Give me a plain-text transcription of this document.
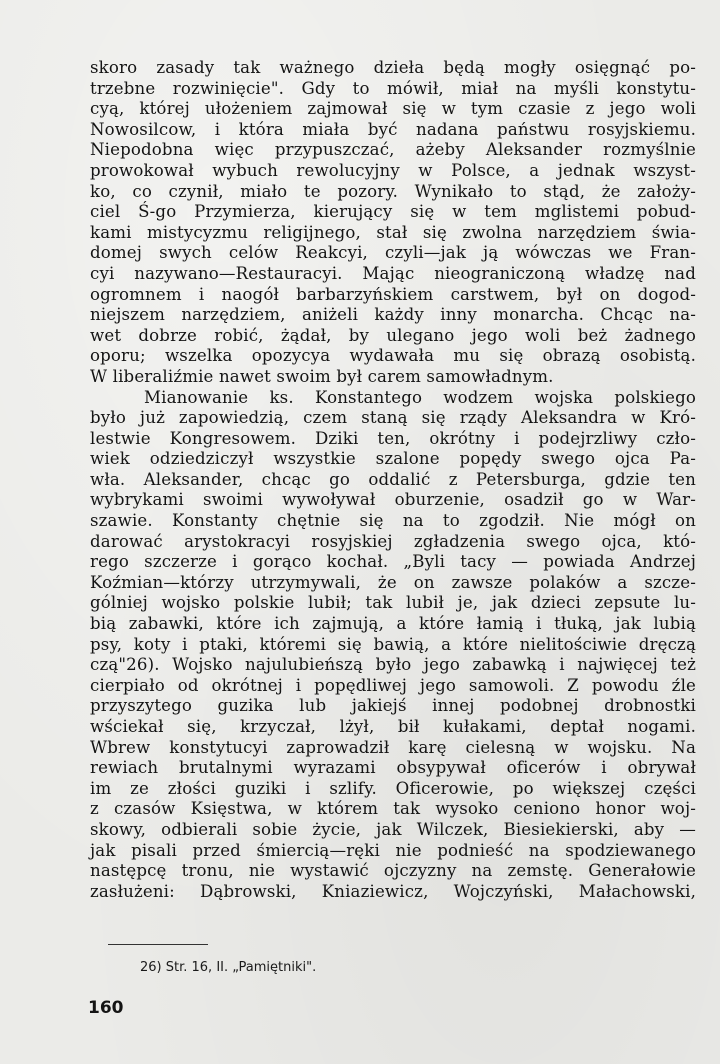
skoro zasady tak ważnego dzieła będą mogły osięgnąć po-
trzebne rozwinięcie". Gdy to mówił, miał na myśli konstytu-
cyą, której ułożeniem zajmował się w tym czasie z jego woli
Nowosilcow, i która miała być nadana państwu rosyjskiemu.
Niepodobna więc przypuszczać, ażeby Aleksander rozmyślnie
prowokował wybuch rewolucyjny w Polsce, a jednak wszyst-
ko, co czynił, miało te pozory. Wynikało to stąd, że założy-
ciel Ś-go Przymierza, kierujący się w tem mglistemi pobud-
kami mistycyzmu religijnego, stał się zwolna narzędziem świa-
domej swych celów Reakcyi, czyli—jak ją wówczas we Fran-
cyi nazywano—Restauracyi. Mając nieograniczoną władzę nad
ogromnem i naogół barbarzyńskiem carstwem, był on dogod-
niejszem narzędziem, aniżeli każdy inny monarcha. Chcąc na-
wet dobrze robić, żądał, by ulegano jego woli beż żadnego
oporu; wszelka opozycya wydawała mu się obrazą osobistą.
W liberaliźmie nawet swoim był carem samowładnym.
Mianowanie ks. Konstantego wodzem wojska polskiego
było już zapowiedzią, czem staną się rządy Aleksandra w Kró-
lestwie Kongresowem. Dziki ten, okrótny i podejrzliwy czło-
wiek odziedziczył wszystkie szalone popędy swego ojca Pa-
wła. Aleksander, chcąc go oddalić z Petersburga, gdzie ten
wybrykami swoimi wywoływał oburzenie, osadził go w War-
szawie. Konstanty chętnie się na to zgodził. Nie mógł on
darować arystokracyi rosyjskiej zgładzenia swego ojca, któ-
rego szczerze i gorąco kochał. „Byli tacy — powiada Andrzej
Koźmian—którzy utrzymywali, że on zawsze polaków a szcze-
gólniej wojsko polskie lubił; tak lubił je, jak dzieci zepsute lu-
bią zabawki, które ich zajmują, a które łamią i tłuką, jak lubią
psy, koty i ptaki, któremi się bawią, a które nielitościwie dręczą
czą"26). Wojsko najulubieńszą było jego zabawką i najwięcej też
cierpiało od okrótnej i popędliwej jego samowoli. Z powodu źle
przyszytego guzika lub jakiejś innej podobnej drobnostki
wściekał się, krzyczał, lżył, bił kułakami, deptał nogami.
Wbrew konstytucyi zaprowadził karę cielesną w wojsku. Na
rewiach brutalnymi wyrazami obsypywał oficerów i obrywał
im ze złości guziki i szlify. Oficerowie, po większej części
z czasów Księstwa, w którem tak wysoko ceniono honor woj-
skowy, odbierali sobie życie, jak Wilczek, Biesiekierski, aby —
jak pisali przed śmiercią—ręki nie podnieść na spodziewanego
następcę tronu, nie wystawić ojczyzny na zemstę. Generałowie
zasłużeni: Dąbrowski, Kniaziewicz, Wojczyński, Małachowski,
26) Str. 16, II. „Pamiętniki".
160
